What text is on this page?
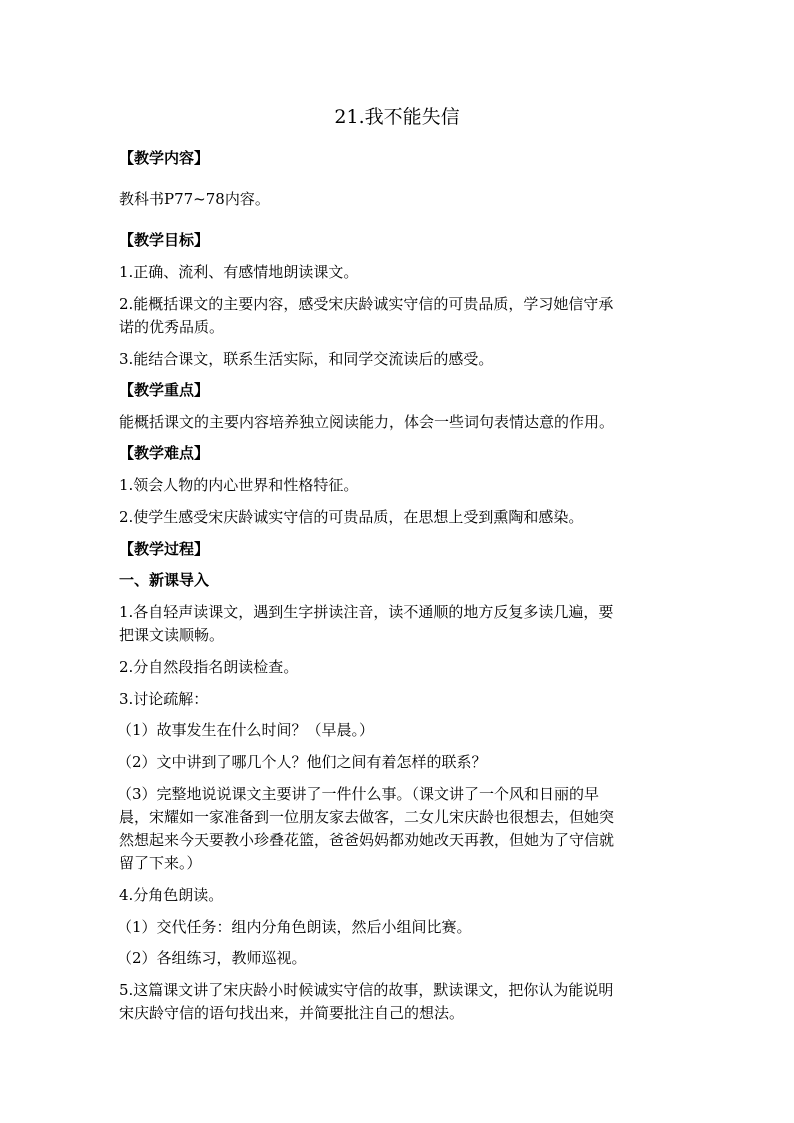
21.我不能失信
【教学内容】
教科书P77~78内容。
【教学目标】
1.正确、流利、有感情地朗读课文。
2.能概括课文的主要内容，感受宋庆龄诚实守信的可贵品质，学习她信守承
诺的优秀品质。
3.能结合课文，联系生活实际，和同学交流读后的感受。
【教学重点】
能概括课文的主要内容培养独立阅读能力，体会一些词句表情达意的作用。
【教学难点】
1.领会人物的内心世界和性格特征。
2.使学生感受宋庆龄诚实守信的可贵品质，在思想上受到熏陶和感染。
【教学过程】
一、新课导入
1.各自轻声读课文，遇到生字拼读注音，读不通顺的地方反复多读几遍，要
把课文读顺畅。
2.分自然段指名朗读检查。
3.讨论疏解：
（1）故事发生在什么时间？（早晨。）
（2）文中讲到了哪几个人？他们之间有着怎样的联系？
（3）完整地说说课文主要讲了一件什么事。（课文讲了一个风和日丽的早
晨，宋耀如一家准备到一位朋友家去做客，二女儿宋庆龄也很想去，但她突
然想起来今天要教小珍叠花篮，爸爸妈妈都劝她改天再教，但她为了守信就
留了下来。）
4.分角色朗读。
（1）交代任务：组内分角色朗读，然后小组间比赛。
（2）各组练习，教师巡视。
5.这篇课文讲了宋庆龄小时候诚实守信的故事，默读课文，把你认为能说明
宋庆龄守信的语句找出来，并简要批注自己的想法。
